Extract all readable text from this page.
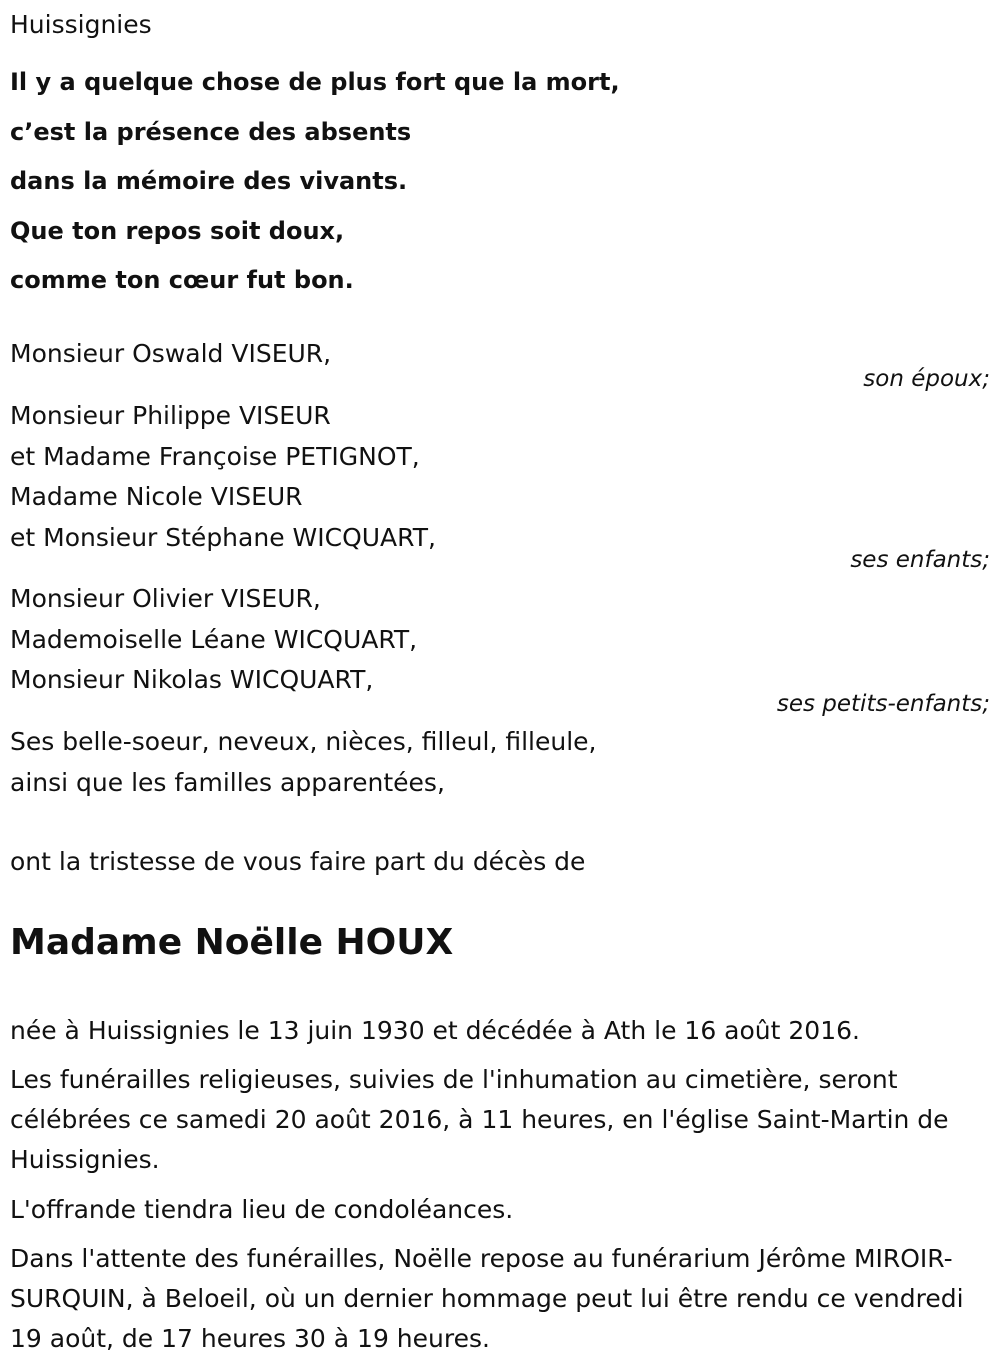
Huissignies
Il y a quelque chose de plus fort que la mort,
c’est la présence des absents
dans la mémoire des vivants.
Que ton repos soit doux,
comme ton cœur fut bon.
Monsieur Oswald VISEUR,
son époux;
Monsieur Philippe VISEUR
et Madame Françoise PETIGNOT,
Madame Nicole VISEUR
et Monsieur Stéphane WICQUART,
ses enfants;
Monsieur Olivier VISEUR,
Mademoiselle Léane WICQUART,
Monsieur Nikolas WICQUART,
ses petits-enfants;
Ses belle-soeur, neveux, nièces, filleul, filleule,
ainsi que les familles apparentées,
ont la tristesse de vous faire part du décès de
Madame Noëlle HOUX
née à Huissignies le 13 juin 1930 et décédée à Ath le 16 août 2016.
Les funérailles religieuses, suivies de l'inhumation au cimetière, seront célébrées ce samedi 20 août 2016, à 11 heures, en l'église Saint-Martin de Huissignies.
L'offrande tiendra lieu de condoléances.
Dans l'attente des funérailles, Noëlle repose au funérarium Jérôme MIROIR-SURQUIN, à Beloeil, où un dernier hommage peut lui être rendu ce vendredi 19 août, de 17 heures 30 à 19 heures.
